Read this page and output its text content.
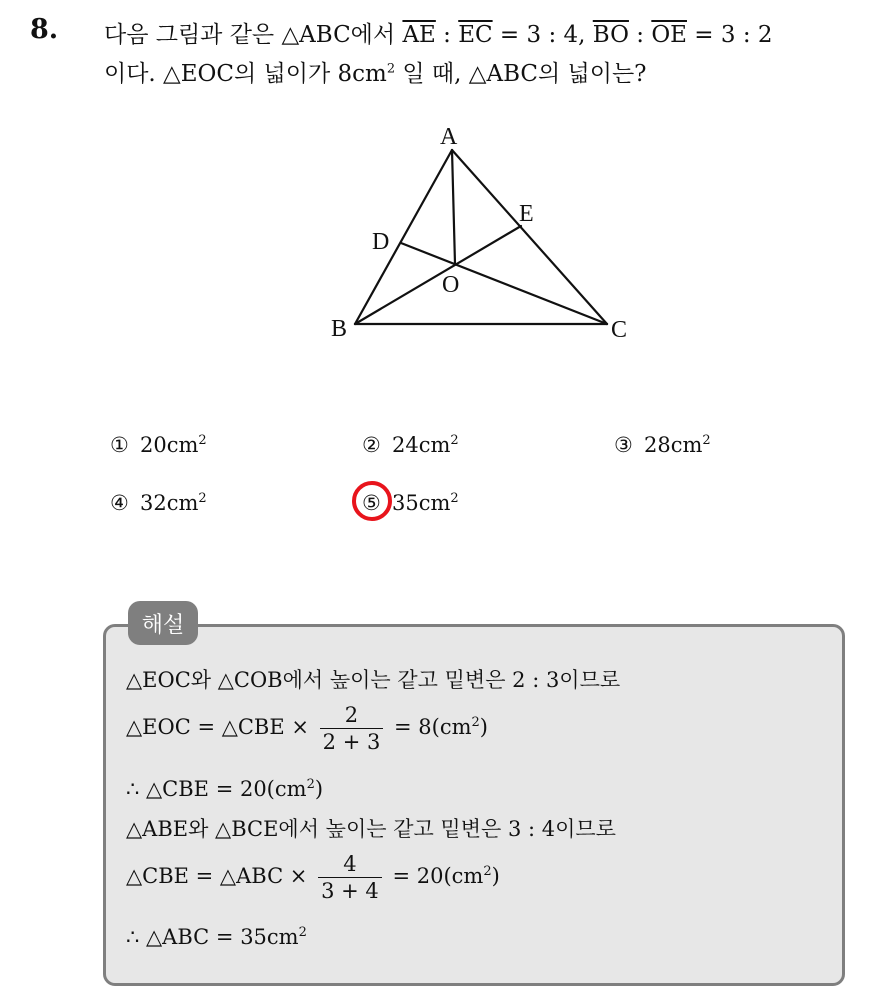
8. 다음 그림과 같은 △ABC에서 $\overline{AE}$ : $\overline{EC} = 3$ : 4, $\overline{BO}$ : $\overline{OE} = 3$ : 2
이다. △EOC의 넓이가 $8cm^2$ 일 때, △ABC의 넓이는?
A
B	C
D
E
O
① $20cm^2$	② $24cm^2$	③ $28cm^2$
④ $32cm^2$	⑤ $35cm^2$
해설
△EOC와 △COB에서 높이는 같고 밑변은 2 : 3이므로
△EOC = △CBE × $\frac{2}{2 + 3} = 8(cm^2)$
∴ △CBE = $20(cm^2)$
△ABE와 △BCE에서 높이는 같고 밑변은 3 : 4이므로
△CBE = △ABC × $\frac{4}{3 + 4} = 20(cm^2)$
∴ △ABC = $35cm^2$
